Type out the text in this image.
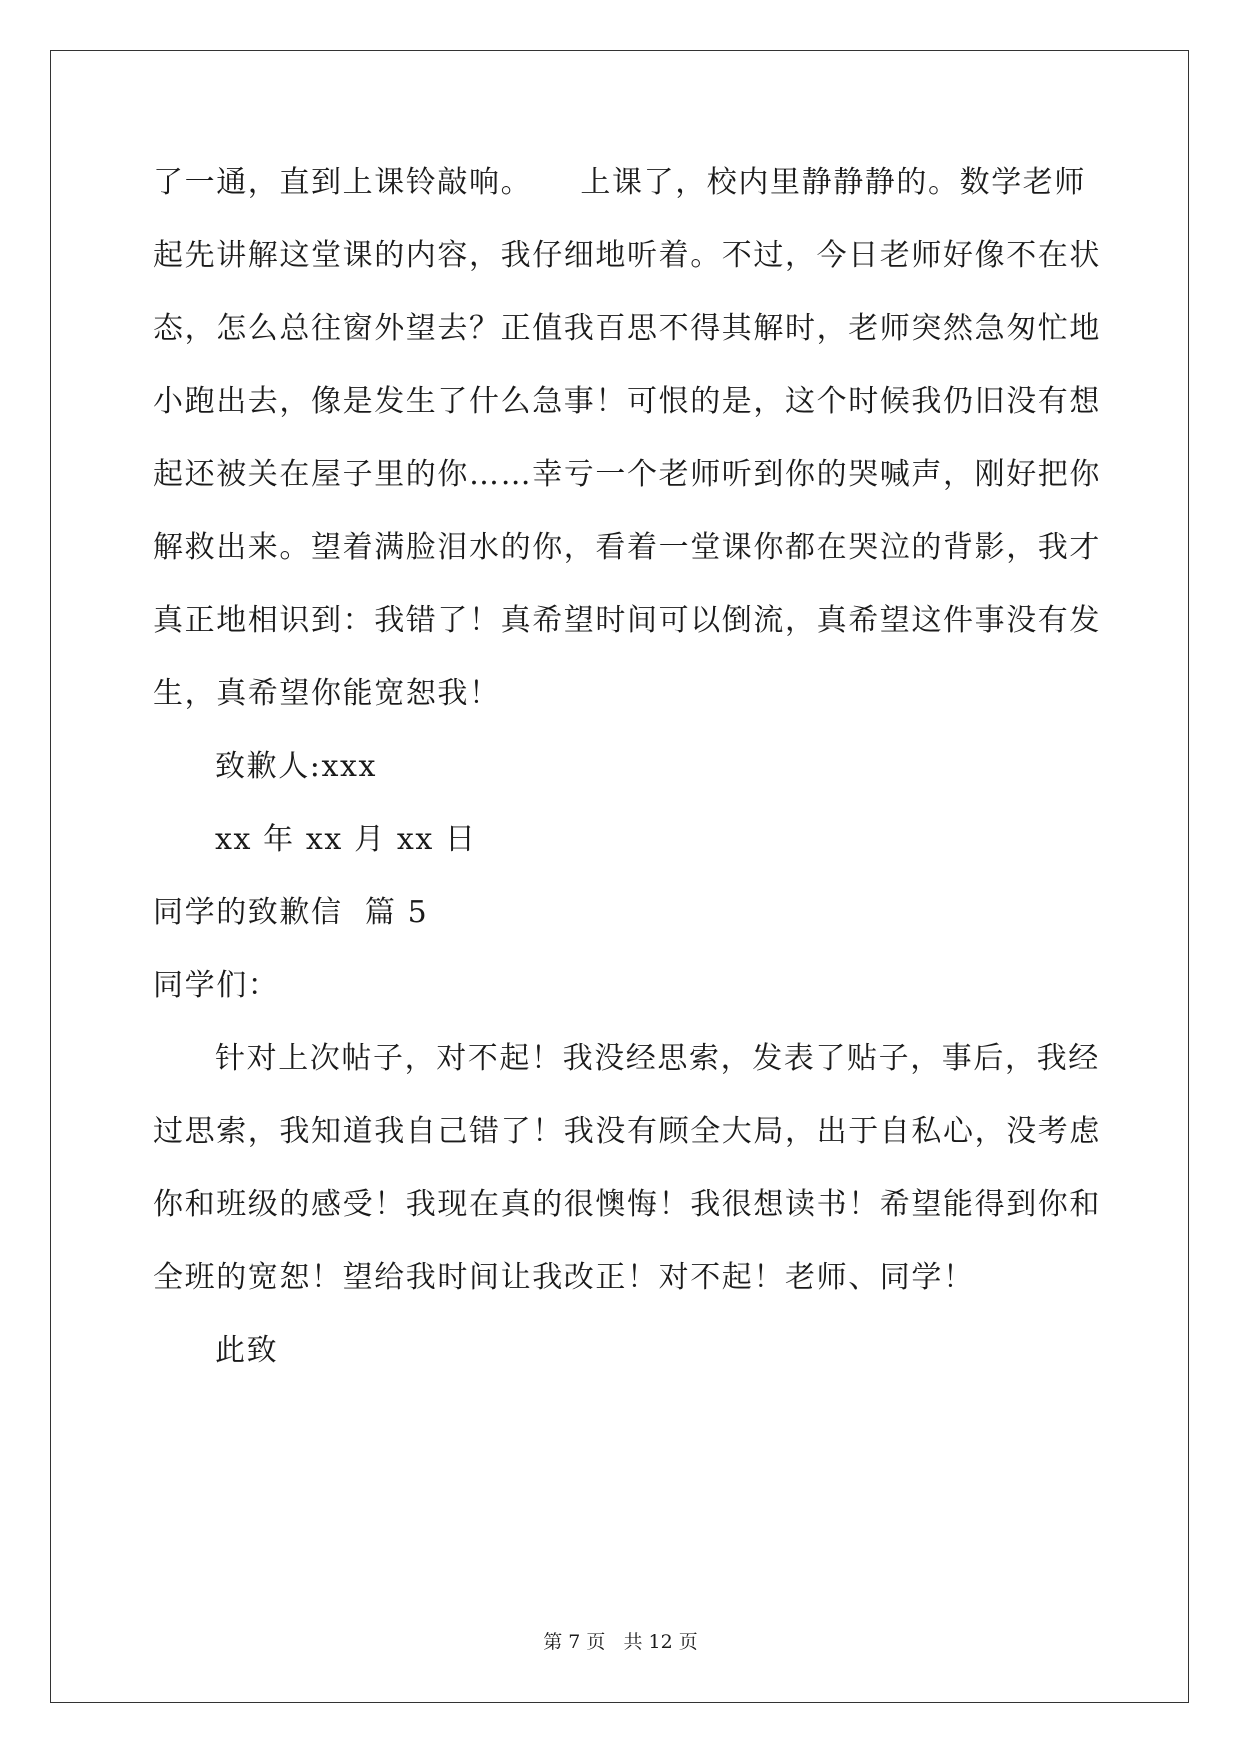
了一通，直到上课铃敲响。　　上课了，校内里静静静的。数学老师
起先讲解这堂课的内容，我仔细地听着。不过，今日老师好像不在状
态，怎么总往窗外望去？正值我百思不得其解时，老师突然急匆忙地
小跑出去，像是发生了什么急事！可恨的是，这个时候我仍旧没有想
起还被关在屋子里的你……幸亏一个老师听到你的哭喊声，刚好把你
解救出来。望着满脸泪水的你，看着一堂课你都在哭泣的背影，我才
真正地相识到：我错了！真希望时间可以倒流，真希望这件事没有发
生，真希望你能宽恕我！
致歉人:xxx
xx 年 xx 月 xx 日
同学的致歉信  篇 5
同学们：
针对上次帖子，对不起！我没经思索，发表了贴子，事后，我经
过思索，我知道我自己错了！我没有顾全大局，出于自私心，没考虑
你和班级的感受！我现在真的很懊悔！我很想读书！希望能得到你和
全班的宽恕！望给我时间让我改正！对不起！老师、同学！
此致
第 7 页   共 12 页
